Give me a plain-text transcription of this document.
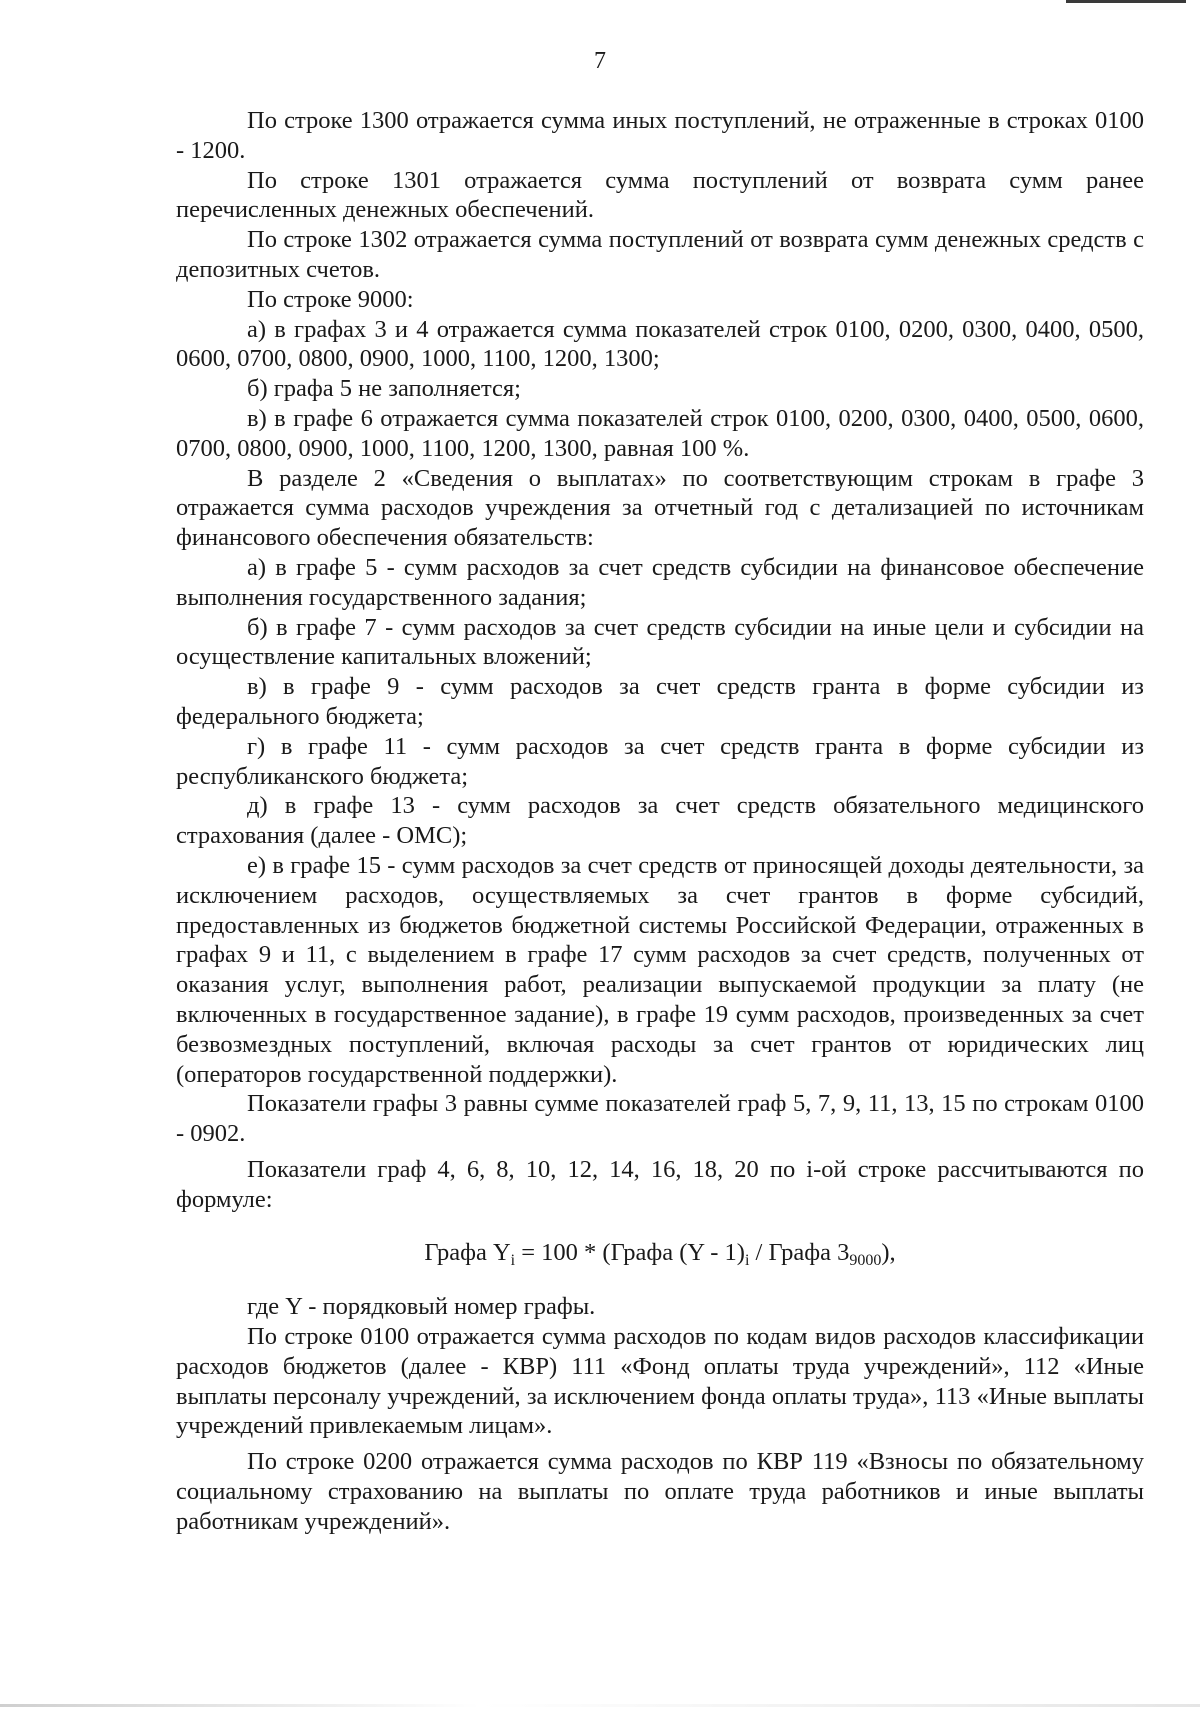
7

По строке 1300 отражается сумма иных поступлений, не отраженные в строках 0100 - 1200.

По строке 1301 отражается сумма поступлений от возврата сумм ранее перечисленных денежных обеспечений.

По строке 1302 отражается сумма поступлений от возврата сумм денежных средств с депозитных счетов.

По строке 9000:

а) в графах 3 и 4 отражается сумма показателей строк 0100, 0200, 0300, 0400, 0500, 0600, 0700, 0800, 0900, 1000, 1100, 1200, 1300;

б) графа 5 не заполняется;

в) в графе 6 отражается сумма показателей строк 0100, 0200, 0300, 0400, 0500, 0600, 0700, 0800, 0900, 1000, 1100, 1200, 1300, равная 100 %.

В разделе 2 «Сведения о выплатах» по соответствующим строкам в графе 3 отражается сумма расходов учреждения за отчетный год с детализацией по источникам финансового обеспечения обязательств:

а) в графе 5 - сумм расходов за счет средств субсидии на финансовое обеспечение выполнения государственного задания;

б) в графе 7 - сумм расходов за счет средств субсидии на иные цели и субсидии на осуществление капитальных вложений;

в) в графе 9 - сумм расходов за счет средств гранта в форме субсидии из федерального бюджета;

г) в графе 11 - сумм расходов за счет средств гранта в форме субсидии из республиканского бюджета;

д) в графе 13 - сумм расходов за счет средств обязательного медицинского страхования (далее - ОМС);

е) в графе 15 - сумм расходов за счет средств от приносящей доходы деятельности, за исключением расходов, осуществляемых за счет грантов в форме субсидий, предоставленных из бюджетов бюджетной системы Российской Федерации, отраженных в графах 9 и 11, с выделением в графе 17 сумм расходов за счет средств, полученных от оказания услуг, выполнения работ, реализации выпускаемой продукции за плату (не включенных в государственное задание), в графе 19 сумм расходов, произведенных за счет безвозмездных поступлений, включая расходы за счет грантов от юридических лиц (операторов государственной поддержки).

Показатели графы 3 равны сумме показателей граф 5, 7, 9, 11, 13, 15 по строкам 0100 - 0902.

Показатели граф 4, 6, 8, 10, 12, 14, 16, 18, 20 по i-ой строке рассчитываются по формуле:

Графа $Y_i = 100$ * (Графа $(Y - 1)_i$ / Графа $3_{9000}$),

где Y - порядковый номер графы.

По строке 0100 отражается сумма расходов по кодам видов расходов классификации расходов бюджетов (далее - КВР) 111 «Фонд оплаты труда учреждений», 112 «Иные выплаты персоналу учреждений, за исключением фонда оплаты труда», 113 «Иные выплаты учреждений привлекаемым лицам».

По строке 0200 отражается сумма расходов по КВР 119 «Взносы по обязательному социальному страхованию на выплаты по оплате труда работников и иные выплаты работникам учреждений».
